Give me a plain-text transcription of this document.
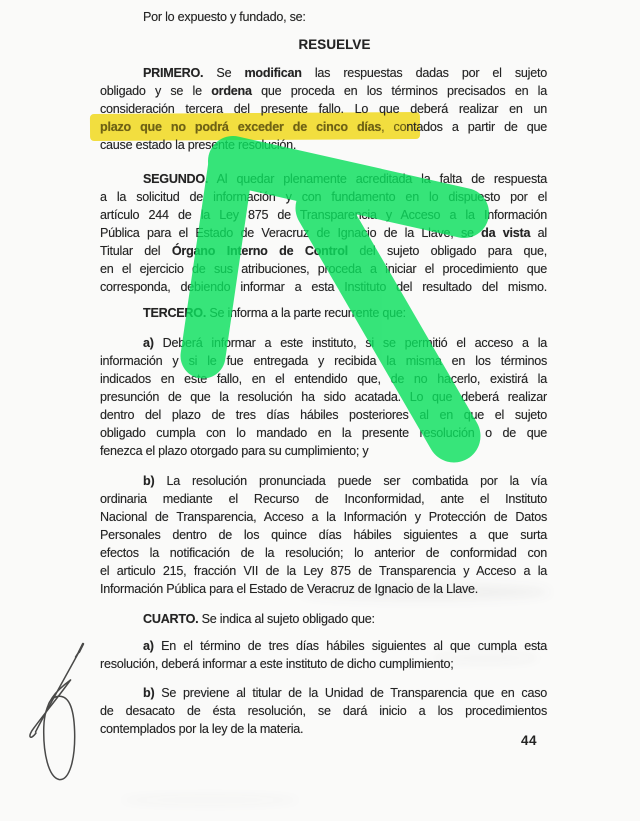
Por lo expuesto y fundado, se:
RESUELVE
PRIMERO. Se modifican las respuestas dadas por el sujeto
obligado y se le ordena que proceda en los términos precisados en la
consideración tercera del presente fallo. Lo que deberá realizar en un
plazo que no podrá exceder de cinco días, contados a partir de que
cause estado la presente resolución.
SEGUNDO. Al quedar plenamente acreditada la falta de respuesta
a la solicitud de información y con fundamento en lo dispuesto por el
artículo 244 de la Ley 875 de Transparencia y Acceso a la Información
Pública para el Estado de Veracruz de Ignacio de la Llave, se da vista al
Titular del Órgano Interno de Control del sujeto obligado para que,
en el ejercicio de sus atribuciones, proceda a iniciar el procedimiento que
corresponda, debiendo informar a esta Instituto del resultado del mismo.
TERCERO. Se informa a la parte recurrente que:
a) Deberá informar a este instituto, si se permitió el acceso a la
información y si le fue entregada y recibida la misma en los términos
indicados en este fallo, en el entendido que, de no hacerlo, existirá la
presunción de que la resolución ha sido acatada. Lo que deberá realizar
dentro del plazo de tres días hábiles posteriores al en que el sujeto
obligado cumpla con lo mandado en la presente resolución o de que
fenezca el plazo otorgado para su cumplimiento; y
b) La resolución pronunciada puede ser combatida por la vía
ordinaria mediante el Recurso de Inconformidad, ante el Instituto
Nacional de Transparencia, Acceso a la Información y Protección de Datos
Personales dentro de los quince días hábiles siguientes a que surta
efectos la notificación de la resolución; lo anterior de conformidad con
el articulo 215, fracción VII de la Ley 875 de Transparencia y Acceso a la
Información Pública para el Estado de Veracruz de Ignacio de la Llave.
CUARTO. Se indica al sujeto obligado que:
a) En el término de tres días hábiles siguientes al que cumpla esta
resolución, deberá informar a este instituto de dicho cumplimiento;
b) Se previene al titular de la Unidad de Transparencia que en caso
de desacato de ésta resolución, se dará inicio a los procedimientos
contemplados por la ley de la materia.
44
